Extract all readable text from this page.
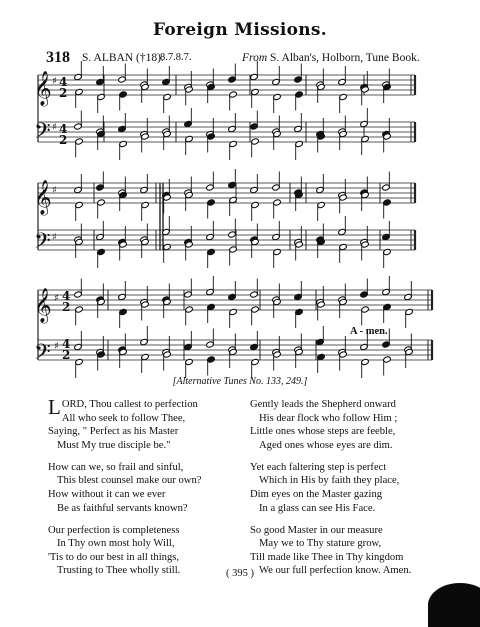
Foreign Missions.
318 S. ALBAN (†18).
8.7.8.7.	From S. Alban's, Holborn, Tune Book.
𝄞
𝄢
𝄞
𝄢
𝄞
𝄢
♯ 4
2
♯ 4
2
♯
♯
♯ 4
2
♯ 4
2
A - men.
[Alternative Tunes No. 133, 249.]
LORD, Thou callest to perfection
All who seek to follow Thee,
Saying, " Perfect as his Master
Must My true disciple be."
How can we, so frail and sinful,
This blest counsel make our own?
How without it can we ever
Be as faithful servants known?
Our perfection is completeness
In Thy own most holy Will,
'Tis to do our best in all things,
Trusting to Thee wholly still.
Gently leads the Shepherd onward
His dear flock who follow Him ;
Little ones whose steps are feeble,
Aged ones whose eyes are dim.
Yet each faltering step is perfect
Which in His by faith they place,
Dim eyes on the Master gazing
In a glass can see His Face.
So good Master in our measure
May we to Thy stature grow,
Till made like Thee in Thy kingdom
We our full perfection know. Amen.
( 395 )
